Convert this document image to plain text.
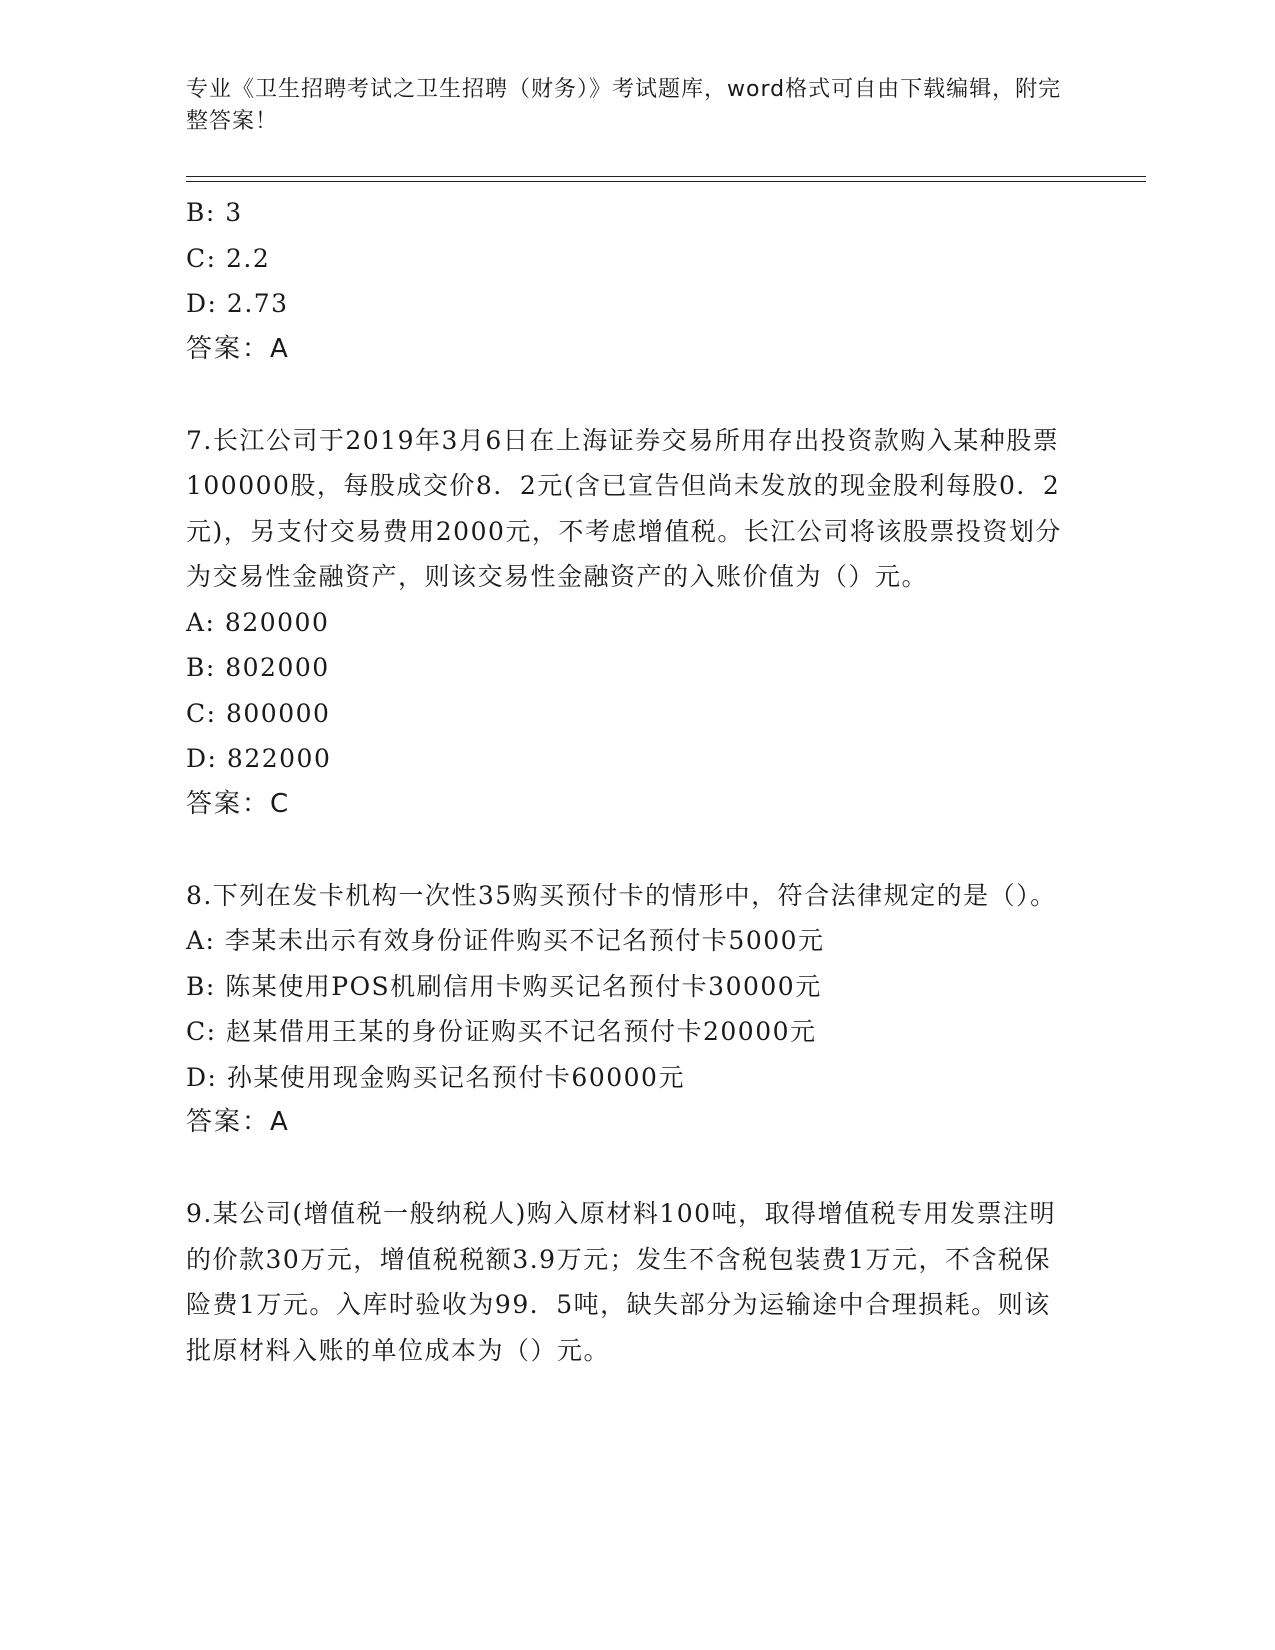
专业《卫生招聘考试之卫生招聘（财务）》考试题库，word格式可自由下载编辑，附完整答案！
B: 3
C: 2.2
D: 2.73
答案：A
7.长江公司于2019年3月6日在上海证券交易所用存出投资款购入某种股票100000股，每股成交价8．2元(含已宣告但尚未发放的现金股利每股0．2元)，另支付交易费用2000元，不考虑增值税。长江公司将该股票投资划分为交易性金融资产，则该交易性金融资产的入账价值为（）元。
A: 820000
B: 802000
C: 800000
D: 822000
答案：C
8.下列在发卡机构一次性35购买预付卡的情形中，符合法律规定的是（）。
A: 李某未出示有效身份证件购买不记名预付卡5000元
B: 陈某使用POS机刷信用卡购买记名预付卡30000元
C: 赵某借用王某的身份证购买不记名预付卡20000元
D: 孙某使用现金购买记名预付卡60000元
答案：A
9.某公司(增值税一般纳税人)购入原材料100吨，取得增值税专用发票注明的价款30万元，增值税税额3.9万元；发生不含税包装费1万元，不含税保险费1万元。入库时验收为99．5吨，缺失部分为运输途中合理损耗。则该批原材料入账的单位成本为（）元。
